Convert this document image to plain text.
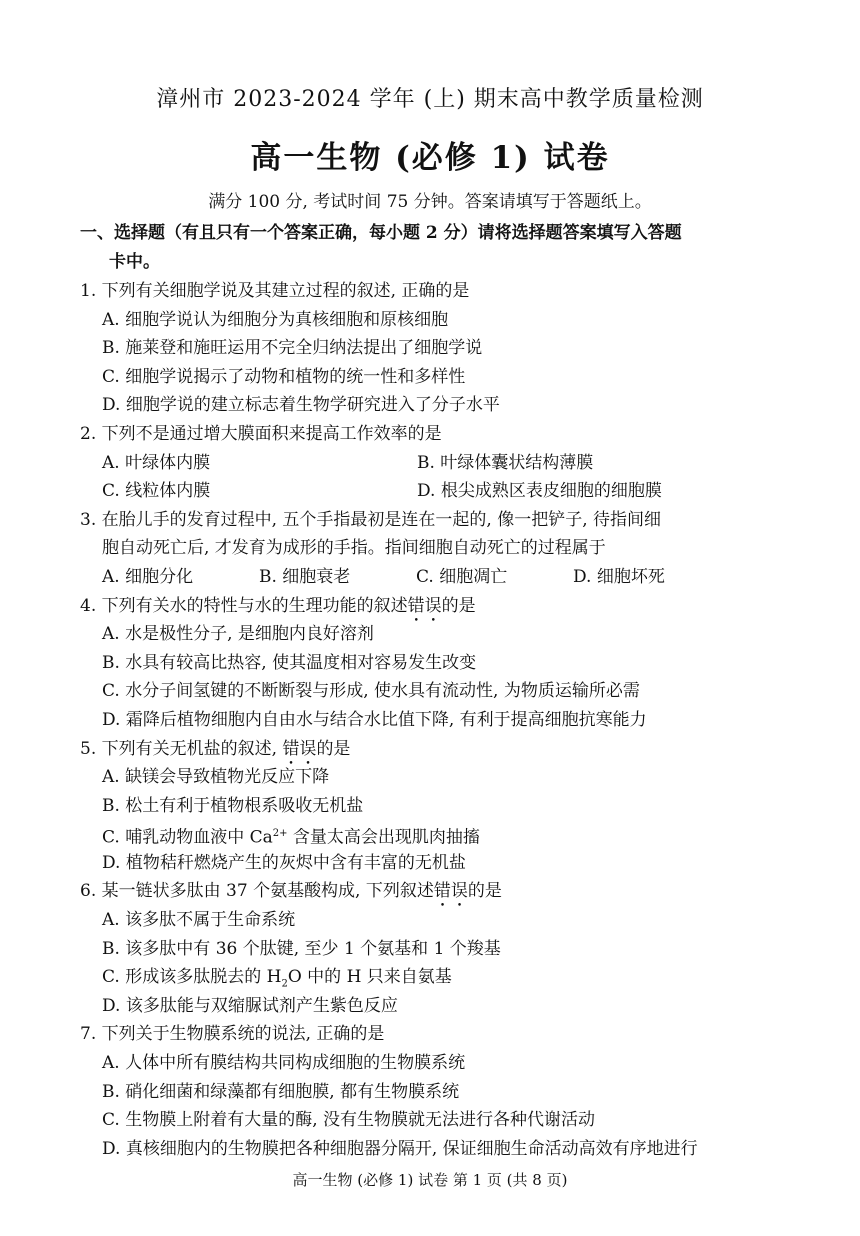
漳州市 2023-2024 学年 (上) 期末高中教学质量检测
高一生物 (必修 1) 试卷
满分 100 分, 考试时间 75 分钟。答案请填写于答题纸上。
一、选择题（有且只有一个答案正确，每小题 2 分）请将选择题答案填写入答题
卡中。
1. 下列有关细胞学说及其建立过程的叙述, 正确的是
A. 细胞学说认为细胞分为真核细胞和原核细胞
B. 施莱登和施旺运用不完全归纳法提出了细胞学说
C. 细胞学说揭示了动物和植物的统一性和多样性
D. 细胞学说的建立标志着生物学研究进入了分子水平
2. 下列不是通过增大膜面积来提高工作效率的是
A. 叶绿体内膜	B. 叶绿体囊状结构薄膜
C. 线粒体内膜	D. 根尖成熟区表皮细胞的细胞膜
3. 在胎儿手的发育过程中, 五个手指最初是连在一起的, 像一把铲子, 待指间细
胞自动死亡后, 才发育为成形的手指。指间细胞自动死亡的过程属于
A. 细胞分化	B. 细胞衰老	C. 细胞凋亡	D. 细胞坏死
4. 下列有关水的特性与水的生理功能的叙述错误的是
A. 水是极性分子, 是细胞内良好溶剂
B. 水具有较高比热容, 使其温度相对容易发生改变
C. 水分子间氢键的不断断裂与形成, 使水具有流动性, 为物质运输所必需
D. 霜降后植物细胞内自由水与结合水比值下降, 有利于提高细胞抗寒能力
5. 下列有关无机盐的叙述, 错误的是
A. 缺镁会导致植物光反应下降
B. 松土有利于植物根系吸收无机盐
C. 哺乳动物血液中 $Ca^{2+}$ 含量太高会出现肌肉抽搐
D. 植物秸秆燃烧产生的灰烬中含有丰富的无机盐
6. 某一链状多肽由 37 个氨基酸构成, 下列叙述错误的是
A. 该多肽不属于生命系统
B. 该多肽中有 36 个肽键, 至少 1 个氨基和 1 个羧基
C. 形成该多肽脱去的 $H_2O$ 中的 H 只来自氨基
D. 该多肽能与双缩脲试剂产生紫色反应
7. 下列关于生物膜系统的说法, 正确的是
A. 人体中所有膜结构共同构成细胞的生物膜系统
B. 硝化细菌和绿藻都有细胞膜, 都有生物膜系统
C. 生物膜上附着有大量的酶, 没有生物膜就无法进行各种代谢活动
D. 真核细胞内的生物膜把各种细胞器分隔开, 保证细胞生命活动高效有序地进行
高一生物 (必修 1) 试卷 第 1 页 (共 8 页)
